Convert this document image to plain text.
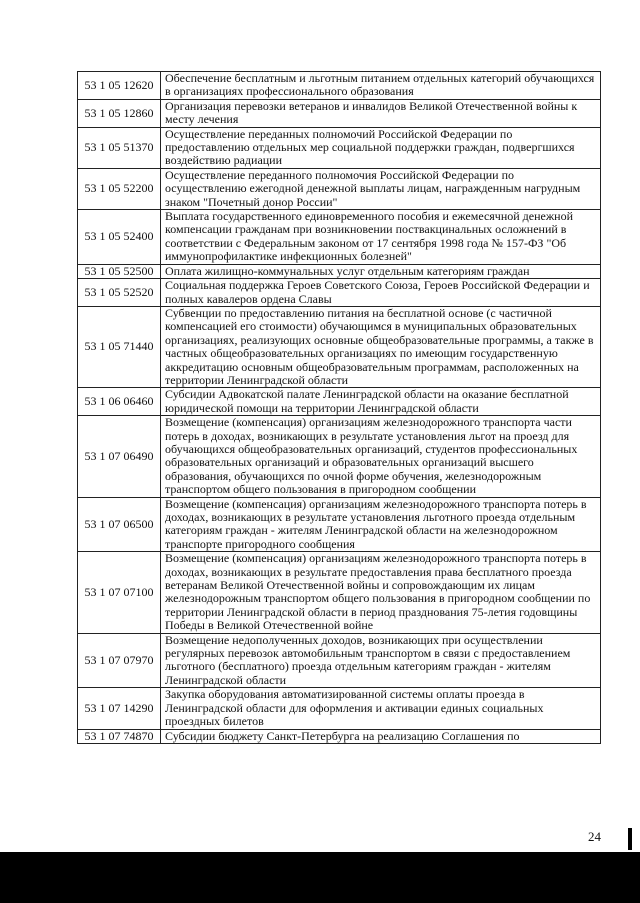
53 1 05 12620	Обеспечение бесплатным и льготным питанием отдельных категорий обучающихся в организациях профессионального образования
53 1 05 12860	Организация перевозки ветеранов и инвалидов Великой Отечественной войны к месту лечения
53 1 05 51370	Осуществление переданных полномочий Российской Федерации по предоставлению отдельных мер социальной поддержки граждан, подвергшихся воздействию радиации
53 1 05 52200	Осуществление переданного полномочия Российской Федерации по осуществлению ежегодной денежной выплаты лицам, награжденным нагрудным знаком "Почетный донор России"
53 1 05 52400	Выплата государственного единовременного пособия и ежемесячной денежной компенсации гражданам при возникновении поствакцинальных осложнений в соответствии с Федеральным законом от 17 сентября 1998 года № 157-ФЗ "Об иммунопрофилактике инфекционных болезней"
53 1 05 52500	Оплата жилищно-коммунальных услуг отдельным категориям граждан
53 1 05 52520	Социальная поддержка Героев Советского Союза, Героев Российской Федерации и полных кавалеров ордена Славы
53 1 05 71440	Субвенции по предоставлению питания на бесплатной основе (с частичной компенсацией его стоимости) обучающимся в муниципальных образовательных организациях, реализующих основные общеобразовательные программы, а также в частных общеобразовательных организациях по имеющим государственную аккредитацию основным общеобразовательным программам, расположенных на территории Ленинградской области
53 1 06 06460	Субсидии Адвокатской палате Ленинградской области на оказание бесплатной юридической помощи на территории Ленинградской области
53 1 07 06490	Возмещение (компенсация) организациям железнодорожного транспорта части потерь в доходах, возникающих в результате установления льгот на проезд для обучающихся общеобразовательных организаций, студентов профессиональных образовательных организаций и образовательных организаций высшего образования, обучающихся по очной форме обучения, железнодорожным транспортом общего пользования в пригородном сообщении
53 1 07 06500	Возмещение (компенсация) организациям железнодорожного транспорта потерь в доходах, возникающих в результате установления льготного проезда отдельным категориям граждан - жителям Ленинградской области на железнодорожном транспорте пригородного сообщения
53 1 07 07100	Возмещение (компенсация) организациям железнодорожного транспорта потерь в доходах, возникающих в результате предоставления права бесплатного проезда ветеранам Великой Отечественной войны и сопровождающим их лицам железнодорожным транспортом общего пользования в пригородном сообщении по территории Ленинградской области в период празднования 75-летия годовщины Победы в Великой Отечественной войне
53 1 07 07970	Возмещение недополученных доходов, возникающих при осуществлении регулярных перевозок автомобильным транспортом в связи с предоставлением льготного (бесплатного) проезда отдельным категориям граждан - жителям Ленинградской области
53 1 07 14290	Закупка оборудования автоматизированной системы оплаты проезда в Ленинградской области для оформления и активации единых социальных проездных билетов
53 1 07 74870	Субсидии бюджету Санкт-Петербурга на реализацию Соглашения по
24
